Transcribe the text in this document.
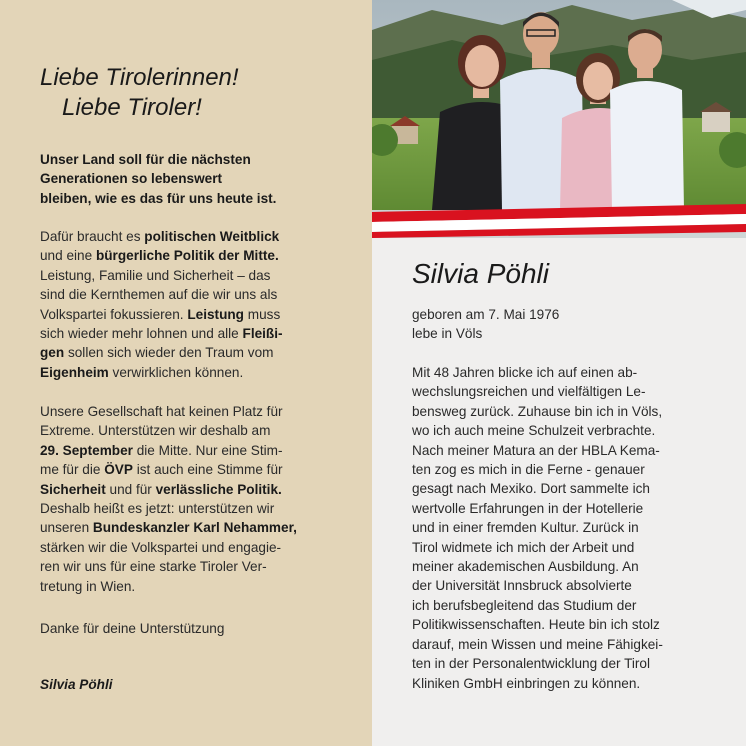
Liebe Tirolerinnen!
Liebe Tiroler!
Unser Land soll für die nächsten
Generationen so lebenswert
bleiben, wie es das für uns heute ist.
Dafür braucht es politischen Weitblick
und eine bürgerliche Politik der Mitte.
Leistung, Familie und Sicherheit – das
sind die Kernthemen auf die wir uns als
Volkspartei fokussieren. Leistung muss
sich wieder mehr lohnen und alle Fleißi-
gen sollen sich wieder den Traum vom
Eigenheim verwirklichen können.
Unsere Gesellschaft hat keinen Platz für
Extreme. Unterstützen wir deshalb am
29. September die Mitte. Nur eine Stim-
me für die ÖVP ist auch eine Stimme für
Sicherheit und für verlässliche Politik.
Deshalb heißt es jetzt: unterstützen wir
unseren Bundeskanzler Karl Nehammer,
stärken wir die Volkspartei und engagie-
ren wir uns für eine starke Tiroler Ver-
tretung in Wien.
Danke für deine Unterstützung
Silvia Pöhli
Silvia Pöhli
geboren am 7. Mai 1976
lebe in Völs
Mit 48 Jahren blicke ich auf einen ab-
wechslungsreichen und vielfältigen Le-
bensweg zurück. Zuhause bin ich in Völs,
wo ich auch meine Schulzeit verbrachte.
Nach meiner Matura an der HBLA Kema-
ten zog es mich in die Ferne - genauer
gesagt nach Mexiko. Dort sammelte ich
wertvolle Erfahrungen in der Hotellerie
und in einer fremden Kultur. Zurück in
Tirol widmete ich mich der Arbeit und
meiner akademischen Ausbildung. An
der Universität Innsbruck absolvierte
ich berufsbegleitend das Studium der
Politikwissenschaften. Heute bin ich stolz
darauf, mein Wissen und meine Fähigkei-
ten in der Personalentwicklung der Tirol
Kliniken GmbH einbringen zu können.
